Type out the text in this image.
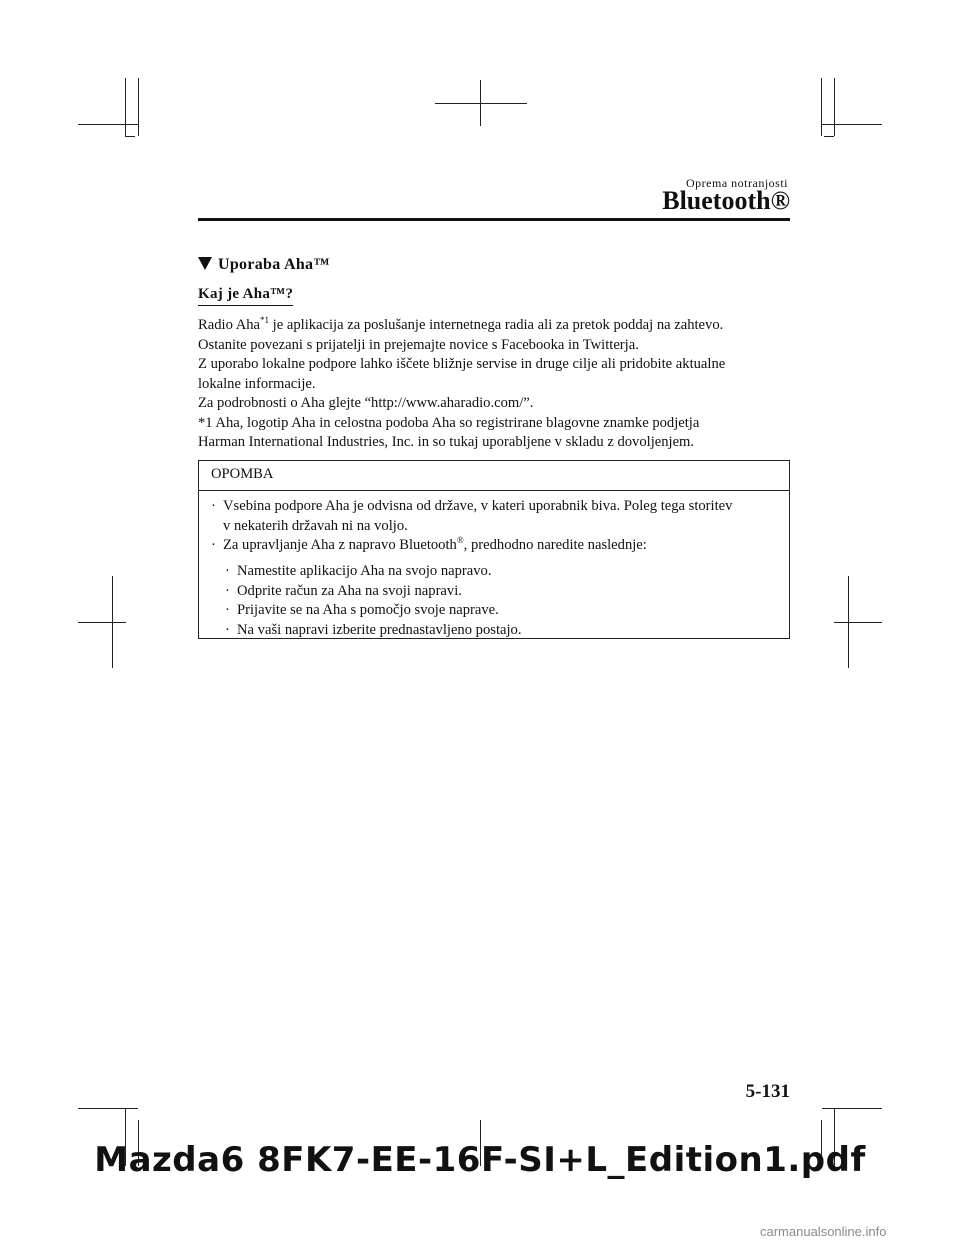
Oprema notranjosti
Bluetooth®
Uporaba Aha™
Kaj je Aha™?

Radio Aha$^{*1}$ je aplikacija za poslušanje internetnega radia ali za pretok poddaj na zahtevo.

Ostanite povezani s prijatelji in prejemajte novice s Facebooka in Twitterja.

Z uporabo lokalne podpore lahko iščete bližnje servise in druge cilje ali pridobite aktualne

lokalne informacije.

Za podrobnosti o Aha glejte “http://www.aharadio.com/”.

*1 Aha, logotip Aha in celostna podoba Aha so registrirane blagovne znamke podjetja

Harman International Industries, Inc. in so tukaj uporabljene v skladu z dovoljenjem.

OPOMBA
· Vsebina podpore Aha je odvisna od države, v kateri uporabnik biva. Poleg tega storitev
v nekaterih državah ni na voljo.
· Za upravljanje Aha z napravo Bluetooth®, predhodno naredite naslednje:
· Namestite aplikacijo Aha na svojo napravo.
· Odprite račun za Aha na svoji napravi.
· Prijavite se na Aha s pomočjo svoje naprave.
· Na vaši napravi izberite prednastavljeno postajo.
5-131
Mazda6 8FK7-EE-16F-SI+L_Edition1.pdf
carmanualsonline.info
